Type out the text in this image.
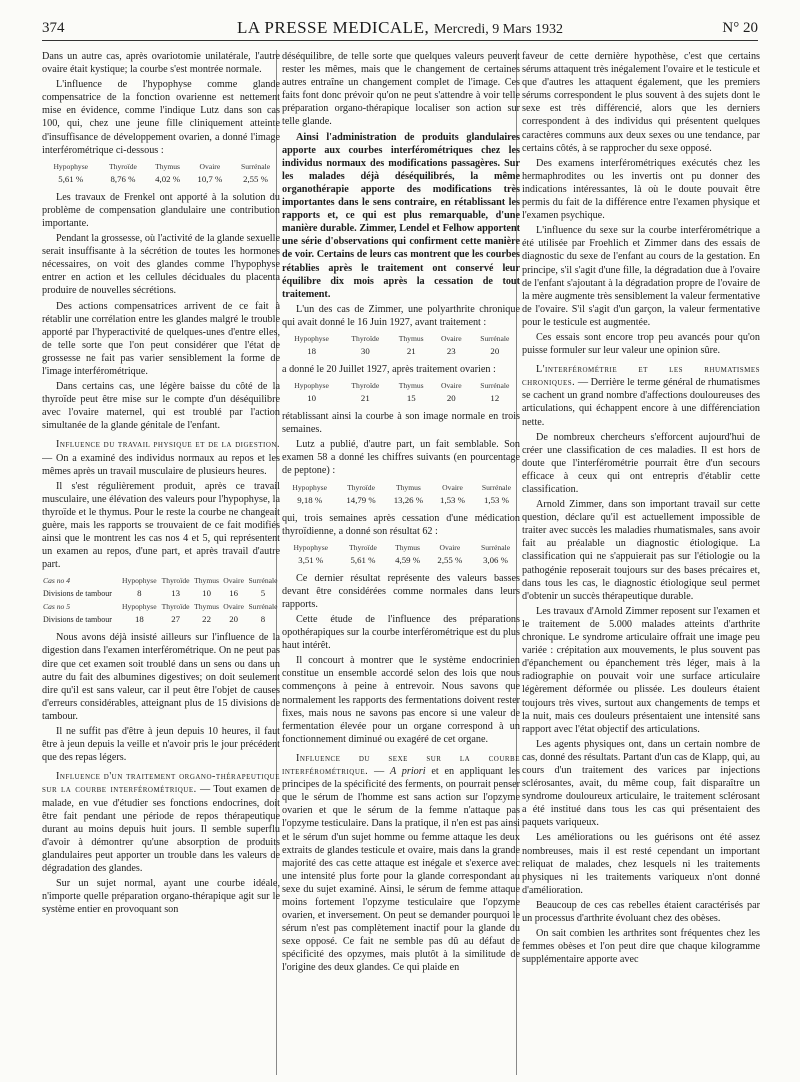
374	LA PRESSE MEDICALE, Mercredi, 9 Mars 1932	N° 20

Dans un autre cas, après ovariotomie unilatérale, l'autre ovaire était kystique; la courbe s'est montrée normale.

L'influence de l'hypophyse comme glande compensatrice de la fonction ovarienne est nettement mise en évidence, comme l'indique Lutz dans son cas 100, qui, chez une jeune fille cliniquement atteinte d'insuffisance de développement ovarien, a donné l'image interférométrique ci-dessous :

Hypophyse	Thyroïde	Thymus	Ovaire	Surrénale
5,61 %	8,76 %	4,02 %	10,7 %	2,55 %

Les travaux de Frenkel ont apporté à la solution du problème de compensation glandulaire une contribution importante.

Pendant la grossesse, où l'activité de la glande sexuelle serait insuffisante à la sécrétion de toutes les hormones nécessaires, on voit des glandes comme l'hypophyse entrer en action et les cellules déciduales du placenta produire de nouvelles sécrétions.

Des actions compensatrices arrivent de ce fait à rétablir une corrélation entre les glandes malgré le trouble apporté par l'hyperactivité de quelques-unes d'entre elles, de telle sorte que l'on peut considérer que l'état de grossesse ne fait pas varier sensiblement la forme de l'image interférométrique.

Dans certains cas, une légère baisse du côté de la thyroïde peut être mise sur le compte d'un déséquilibre avec l'ovaire maternel, qui est troublé par l'action simultanée de la glande génitale de l'enfant.

Influence du travail physique et de la digestion. — On a examiné des individus normaux au repos et les mêmes après un travail musculaire de plusieurs heures.

Il s'est régulièrement produit, après ce travail musculaire, une élévation des valeurs pour l'hypophyse, la thyroïde et le thymus. Pour le reste la courbe ne changeait guère, mais les rapports se trouvaient de ce fait modifiés ainsi que le montrent les cas nos 4 et 5, qui représentent un examen au repos, d'une part, et après travail d'autre part.

Cas no 4	Hypophyse	Thyroïde	Thymus	Ovaire	Surrénale
Divisions de tambour	8	13	10	16	5
Cas no 5	Hypophyse	Thyroïde	Thymus	Ovaire	Surrénale
Divisions de tambour	18	27	22	20	8

Nous avons déjà insisté ailleurs sur l'influence de la digestion dans l'examen interférométrique. On ne peut pas dire que cet examen soit troublé dans un sens ou dans un autre du fait des albumines digestives; on doit seulement dire qu'il est sans valeur, car il peut être l'objet de causes d'erreurs considérables, atteignant plus de 15 divisions de tambour.

Il ne suffit pas d'être à jeun depuis 10 heures, il faut être à jeun depuis la veille et n'avoir pris le jour précédent que des repas légers.

Influence d'un traitement organo-thérapeutique sur la courbe interférométrique. — Tout examen de malade, en vue d'étudier ses fonctions endocrines, doit être fait pendant une période de repos thérapeutique durant au moins depuis huit jours. Il semble superflu d'avoir à démontrer qu'une absorption de produits glandulaires peut apporter un trouble dans les valeurs de dégradation des glandes.

Sur un sujet normal, ayant une courbe idéale, n'importe quelle préparation organo-thérapique agit sur le système entier en provoquant son

déséquilibre, de telle sorte que quelques valeurs peuvent rester les mêmes, mais que le changement de certaines autres entraîne un changement complet de l'image. Ces faits font donc prévoir qu'on ne peut s'attendre à voir telle préparation organo-thérapique localiser son action sur telle glande.

Ainsi l'administration de produits glandulaires apporte aux courbes interférométriques chez les individus normaux des modifications passagères. Sur les malades déjà déséquilibrés, la même organothérapie apporte des modifications très importantes dans le sens contraire, en rétablissant les rapports et, ce qui est plus remarquable, d'une manière durable. Zimmer, Lendel et Felhow apportent une série d'observations qui confirment cette manière de voir. Certains de leurs cas montrent que les courbes rétablies après le traitement ont conservé leur équilibre dix mois après la cessation de tout traitement.

L'un des cas de Zimmer, une polyarthrite chronique qui avait donné le 16 Juin 1927, avant traitement :

Hypophyse	Thyroïde	Thymus	Ovaire	Surrénale
18	30	21	23	20

a donné le 20 Juillet 1927, après traitement ovarien :

Hypophyse	Thyroïde	Thymus	Ovaire	Surrénale
10	21	15	20	12

rétablissant ainsi la courbe à son image normale en trois semaines.

Lutz a publié, d'autre part, un fait semblable. Son examen 58 a donné les chiffres suivants (en pourcentage de peptone) :

Hypophyse	Thyroïde	Thymus	Ovaire	Surrénale
9,18 %	14,79 %	13,26 %	1,53 %	1,53 %

qui, trois semaines après cessation d'une médication thyroïdienne, a donné son résultat 62 :

Hypophyse	Thyroïde	Thymus	Ovaire	Surrénale
3,51 %	5,61 %	4,59 %	2,55 %	3,06 %

Ce dernier résultat représente des valeurs basses devant être considérées comme normales dans leurs rapports.

Cette étude de l'influence des préparations opothérapiques sur la courbe interférométrique est du plus haut intérêt.

Il concourt à montrer que le système endocrinien constitue un ensemble accordé selon des lois que nous commençons à peine à entrevoir. Nous savons que normalement les rapports des fermentations doivent rester fixes, mais nous ne savons pas encore si une valeur de fermentation élevée pour un organe correspond à un fonctionnement diminué ou exagéré de cet organe.

Influence du sexe sur la courbe interférométrique. — A priori et en appliquant les principes de la spécificité des ferments, on pourrait penser que le sérum de l'homme est sans action sur l'opzyme ovarien et que le sérum de la femme n'attaque pas l'opzyme testiculaire. Dans la pratique, il n'en est pas ainsi et le sérum d'un sujet homme ou femme attaque les deux extraits de glandes testicule et ovaire, mais dans la grande majorité des cas cette attaque est inégale et s'exerce avec une intensité plus forte pour la glande correspondant au sexe du sujet examiné. Ainsi, le sérum de femme attaque moins fortement l'opzyme testiculaire que l'opzyme ovarien, et inversement. On peut se demander pourquoi le sérum n'est pas complètement inactif pour la glande du sexe opposé. Ce fait ne semble pas dû au défaut de spécificité des opzymes, mais plutôt à la similitude de l'origine des deux glandes. Ce qui plaide en

faveur de cette dernière hypothèse, c'est que certains sérums attaquent très inégalement l'ovaire et le testicule et que d'autres les attaquent également, que les premiers sérums correspondent le plus souvent à des sujets dont le sexe est très différencié, alors que les derniers correspondent à des individus qui présentent quelques caractères communs aux deux sexes ou une tendance, par certains côtés, à se rapprocher du sexe opposé.

Des examens interférométriques exécutés chez les hermaphrodites ou les invertis ont pu donner des indications intéressantes, là où le doute pouvait être permis du fait de la différence entre l'examen physique et l'examen psychique.

L'influence du sexe sur la courbe interférométrique a été utilisée par Froehlich et Zimmer dans des essais de diagnostic du sexe de l'enfant au cours de la gestation. En principe, s'il s'agit d'une fille, la dégradation due à l'ovaire de l'enfant s'ajoutant à la dégradation propre de l'ovaire de la mère augmente très sensiblement la valeur fermentative de l'ovaire. S'il s'agit d'un garçon, la valeur fermentative pour le testicule est augmentée.

Ces essais sont encore trop peu avancés pour qu'on puisse formuler sur leur valeur une opinion sûre.

L'interférométrie et les rhumatismes chroniques. — Derrière le terme général de rhumatismes se cachent un grand nombre d'affections douloureuses des articulations, qui échappent encore à une différenciation nette.

De nombreux chercheurs s'efforcent aujourd'hui de créer une classification de ces maladies. Il est hors de doute que l'interférométrie pourrait être d'un secours efficace à ceux qui ont entrepris d'établir cette classification.

Arnold Zimmer, dans son important travail sur cette question, déclare qu'il est actuellement impossible de traiter avec succès les maladies rhumatismales, sans avoir fait au préalable un diagnostic étiologique. La classification qui ne s'appuierait pas sur l'étiologie ou la pathogénie reposerait toujours sur des bases précaires et, dans tous les cas, le diagnostic étiologique seul permet d'obtenir un succès thérapeutique durable.

Les travaux d'Arnold Zimmer reposent sur l'examen et le traitement de 5.000 malades atteints d'arthrite chronique. Le syndrome articulaire offrait une image peu variée : crépitation aux mouvements, le plus souvent pas d'épanchement ou épanchement très léger, mais à la radiographie on pouvait voir une surface articulaire légèrement déformée ou plissée. Les douleurs étaient toujours très vives, surtout aux changements de temps et la nuit, mais ces douleurs présentaient une intensité sans rapport avec l'état objectif des articulations.

Les agents physiques ont, dans un certain nombre de cas, donné des résultats. Partant d'un cas de Klapp, qui, au cours d'un traitement des varices par injections sclérosantes, avait, du même coup, fait disparaître un syndrome douloureux articulaire, le traitement sclérosant a été institué dans tous les cas qui présentaient des paquets variqueux.

Les améliorations ou les guérisons ont été assez nombreuses, mais il est resté cependant un important reliquat de malades, chez lesquels ni les traitements physiques ni les traitements variqueux n'ont donné d'amélioration.

Beaucoup de ces cas rebelles étaient caractérisés par un processus d'arthrite évoluant chez des obèses.

On sait combien les arthrites sont fréquentes chez les femmes obèses et l'on peut dire que chaque kilogramme supplémentaire apporte avec
